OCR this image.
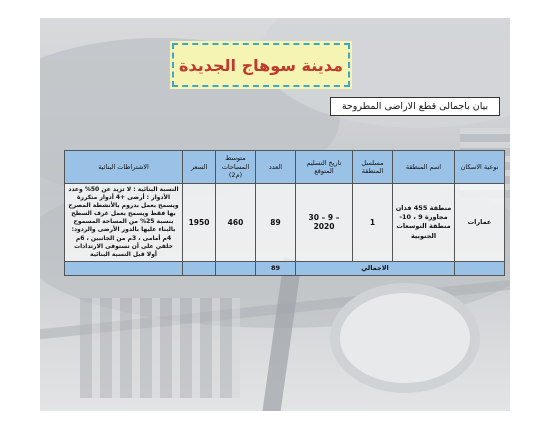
مدينة سوهاج الجديدة
بيان باجمالى قطع الاراضى المطروحة
الاشتراطات البنائية	السعر	متوسط المساحات (م2)	العدد	تاريخ التسليم المتوقع	مسلسل المنطقة	اسم المنطقة	نوعية الاسكان
النسبة البنائية : لا تزيد عن 50% وعدد الأدوار : أرضى +4 أدوار متكررة ويسمح بعمل بدروم بالأنشطة المصرح بها فقط ويسمح بعمل غرف السطح بنسبة 25% من المساحة المسموح بالبناء عليها بالدور الأرضى والردود: 4م أمامى ، 3م من الجانبين ، 6م خلفي على أن تستوفى الارتدادات أولا قبل النسبة البنائية	1950	460	89	30 – 9 – 2020	1	منطقة 455 فدان مجاورة 9 ، 10- منطقة التوسعات الجنوبية	عمارات
			89	الاجمالي			
